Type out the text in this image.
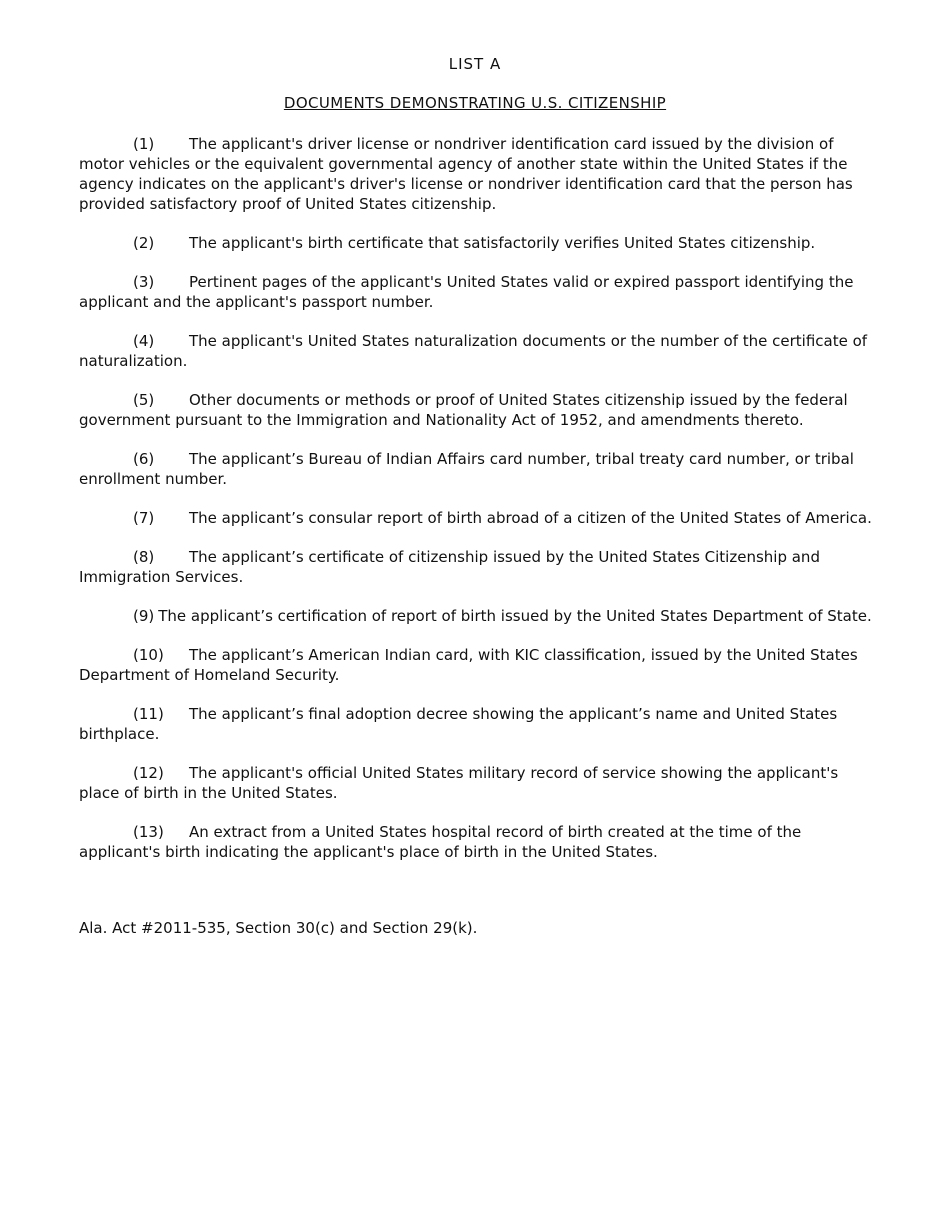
LIST A
DOCUMENTS DEMONSTRATING U.S. CITIZENSHIP

(1) The applicant's driver license or nondriver identification card issued by the division of motor vehicles or the equivalent governmental agency of another state within the United States if the agency indicates on the applicant's driver's license or nondriver identification card that the person has provided satisfactory proof of United States citizenship.

(2) The applicant's birth certificate that satisfactorily verifies United States citizenship.

(3) Pertinent pages of the applicant's United States valid or expired passport identifying the applicant and the applicant's passport number.

(4) The applicant's United States naturalization documents or the number of the certificate of naturalization.

(5) Other documents or methods or proof of United States citizenship issued by the federal government pursuant to the Immigration and Nationality Act of 1952, and amendments thereto.

(6) The applicant’s Bureau of Indian Affairs card number, tribal treaty card number, or tribal enrollment number.

(7) The applicant’s consular report of birth abroad of a citizen of the United States of America.

(8) The applicant’s certificate of citizenship issued by the United States Citizenship and Immigration Services.

(9) The applicant’s certification of report of birth issued by the United States Department of State.

(10) The applicant’s American Indian card, with KIC classification, issued by the United States Department of Homeland Security.

(11) The applicant’s final adoption decree showing the applicant’s name and United States birthplace.

(12) The applicant's official United States military record of service showing the applicant's place of birth in the United States.

(13) An extract from a United States hospital record of birth created at the time of the applicant's birth indicating the applicant's place of birth in the United States.

Ala. Act #2011-535, Section 30(c) and Section 29(k).
